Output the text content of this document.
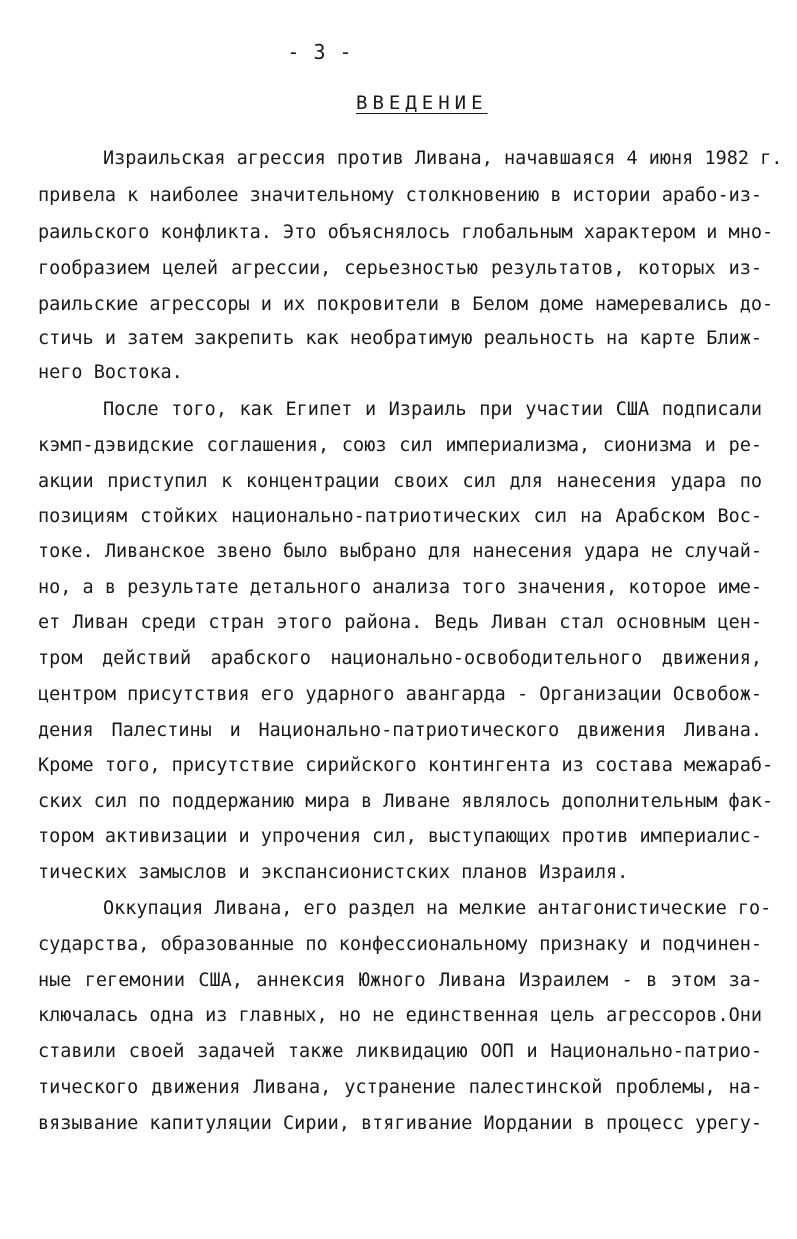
- 3 -
ВВЕДЕНИЕ
Израильская агрессия против Ливана, начавшаяся 4 июня 1982 г.
привела к наиболее значительному столкновению в истории арабо-из-
раильского конфликта. Это объяснялось глобальным характером и мно-
гообразием целей агрессии, серьезностью результатов, которых из-
раильские агрессоры и их покровители в Белом доме намеревались до-
стичь и затем закрепить как необратимую реальность на карте Ближ-
него Востока.
После того, как Египет и Израиль при участии США подписали
кэмп-дэвидские соглашения, союз сил империализма, сионизма и ре-
акции приступил к концентрации своих сил для нанесения удара по
позициям стойких национально-патриотических сил на Арабском Вос-
токе. Ливанское звено было выбрано для нанесения удара не случай-
но, а в результате детального анализа того значения, которое име-
ет Ливан среди стран этого района. Ведь Ливан стал основным цен-
тром действий арабского национально-освободительного движения,
центром присутствия его ударного авангарда - Организации Освобож-
дения Палестины и Национально-патриотического движения Ливана.
Кроме того, присутствие сирийского контингента из состава межараб-
ских сил по поддержанию мира в Ливане являлось дополнительным фак-
тором активизации и упрочения сил, выступающих против империалис-
тических замыслов и экспансионистских планов Израиля.
Оккупация Ливана, его раздел на мелкие антагонистические го-
сударства, образованные по конфессиональному признаку и подчинен-
ные гегемонии США, аннексия Южного Ливана Израилем - в этом за-
ключалась одна из главных, но не единственная цель агрессоров.Они
ставили своей задачей также ликвидацию ООП и Национально-патрио-
тического движения Ливана, устранение палестинской проблемы, на-
вязывание капитуляции Сирии, втягивание Иордании в процесс урегу-
